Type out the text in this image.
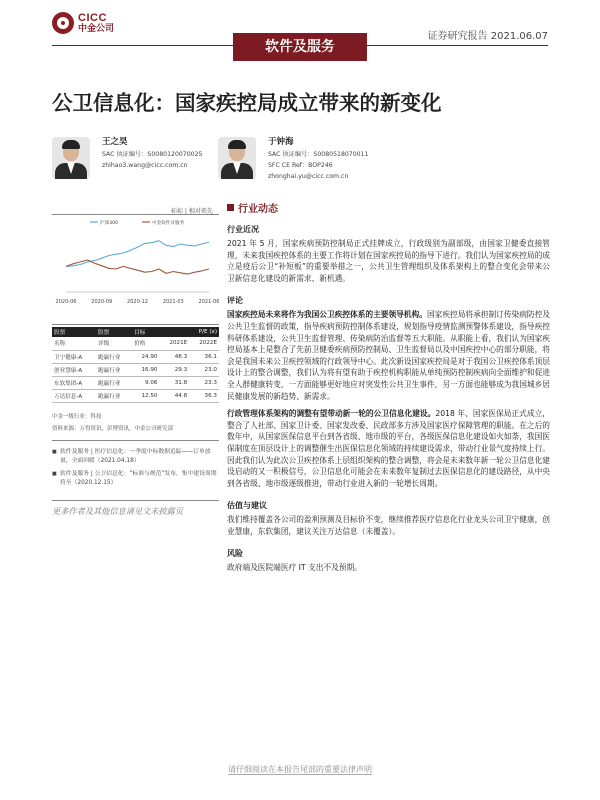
CICC
中金公司
软件及服务
证券研究报告 2021.06.07
公卫信息化：国家疾控局成立带来的新变化
王之昊
SAC 执证编号：S0080120070025
zhihao3.wang@cicc.com.cn
于钟海
SAC 执证编号：S0080518070011
SFC CE Ref：BOP246
zhonghai.yu@cicc.com.cn
标标 | 相对领先
2020-06	2020-09	2020-12	2021-03	2021-06
沪深300	中金软件及服务
股票	股票	目标	P/E (x)	
名称	评级	价格	2021E	2022E
卫宁健康-A	跑赢行业	24.90	48.3	36.1
创业慧康-A	跑赢行业	16.90	29.3	23.0
东软集团-A	跑赢行业	9.06	31.8	23.3
万达信息-A	跑赢行业	12.50	44.8	36.3
中金一级行业：科技
资料来源：万得资讯，彭博资讯，中金公司研究部
■ 软件及服务 | 医疗信息化：一季度中标数据追踪——订单放量，全面回暖（2021.04.18）
■ 软件及服务 | 公卫信息化：“标准与规范”发布，集中建设周期将至（2020.12.15）
更多作者及其他信息请见文末披露页
行业动态
行业近况

2021 年 5 月，国家疾病预防控制局正式挂牌成立，行政级别为副部级，由国家卫健委直接管理，未来我国疾控体系的主要工作将计划在国家疾控局的指导下进行。我们认为国家疾控局的成立是疫后公卫“补短板”的重要举措之一，公共卫生管理组织及体系架构上的整合变化会带来公卫新信息化建设的新需求、新机遇。

评论

国家疾控局未来将作为我国公卫疾控体系的主要领导机构。国家疾控局将承担制订传染病防控及公共卫生监督的政策，指导疾病预防控制体系建设，规划指导疫情监测预警体系建设，指导疾控科研体系建设，公共卫生监督管理、传染病防治监督等五大职能。从职能上看，我们认为国家疾控局基本上是整合了先前卫健委疾病预防控制局、卫生监督局以及中国疾控中心的部分职能，将会是我国未来公卫疾控领域的行政领导中心。此次新设国家疾控局是对于我国公卫疾控体系顶层设计上的整合调整，我们认为将有望有助于疾控机构职能从单纯预防控制疾病向全面维护和促进全人群健康转变，一方面能够更好地应对突发性公共卫生事件，另一方面也能够成为我国城乡居民健康发展的新趋势、新需求。

行政管理体系架构的调整有望带动新一轮的公卫信息化建设。2018 年，国家医保局正式成立，整合了人社部、国家卫计委、国家发改委、民政部多方涉及国家医疗保障管理的职能。在之后的数年中，从国家医保信息平台到各省级、地市级的平台，各级医保信息化建设如火如荼，我国医保制度在顶层设计上的调整催生出医保信息化领域的持续建设需求，带动行业景气度持续上行。因此我们认为此次公卫疾控体系上层组织架构的整合调整，将会是未来数年新一轮公卫信息化建设启动的又一积极信号，公卫信息化可能会在未来数年复制过去医保信息化的建设路径，从中央到各省级、地市级逐级推进，带动行业进入新的一轮增长周期。

估值与建议

我们维持覆盖各公司的盈利预测及目标价不变，继续推荐医疗信息化行业龙头公司卫宁健康，创业慧康，东软集团，建议关注万达信息（未覆盖）。

风险

政府端及医院端医疗 IT 支出不及预期。

请仔细阅读在本报告尾部的重要法律声明
